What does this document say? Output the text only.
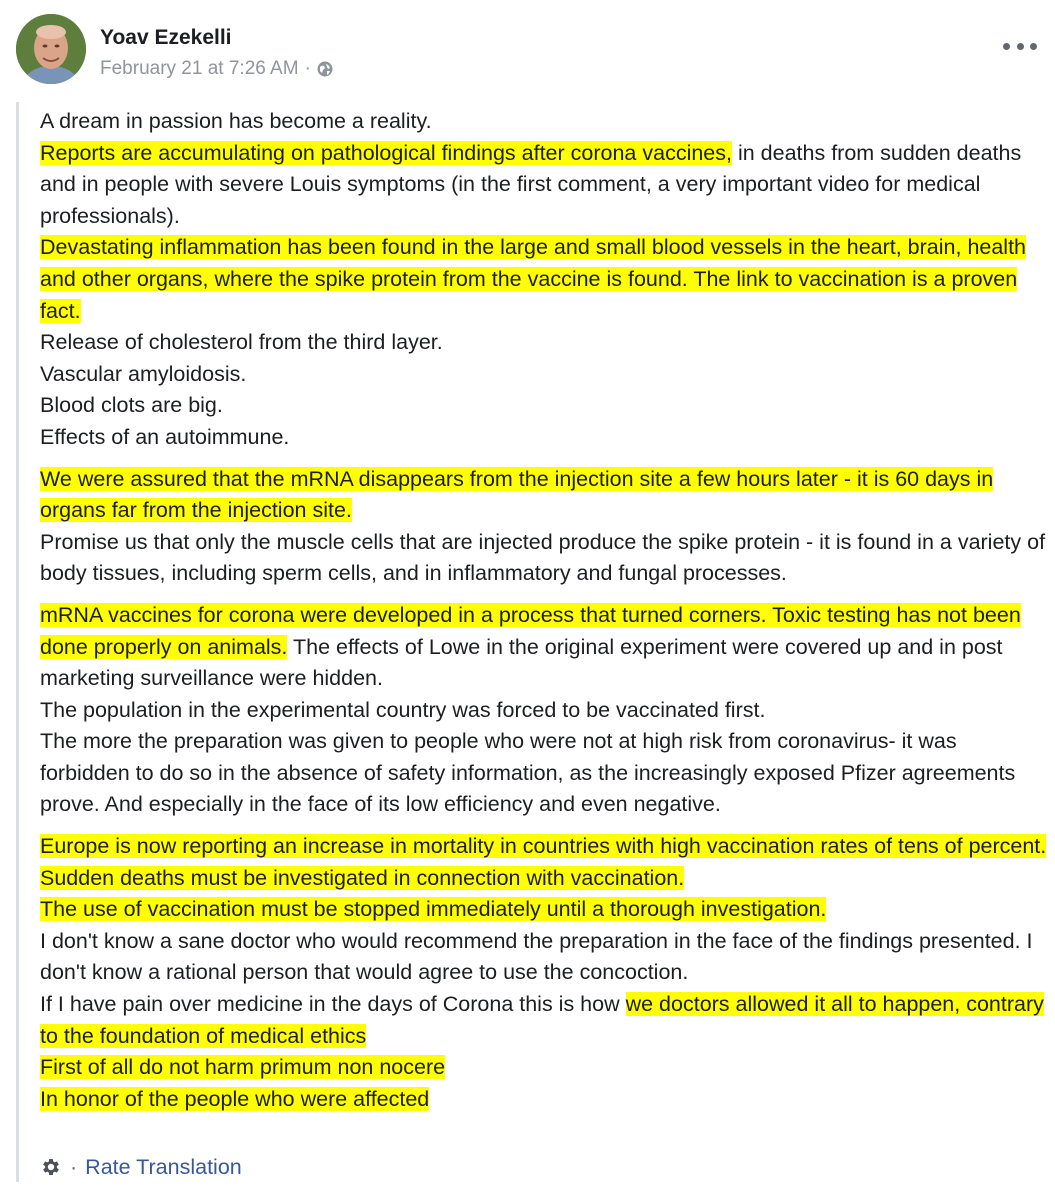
Yoav Ezekelli
February 21 at 7:26 AM ·

A dream in passion has become a reality.

Reports are accumulating on pathological findings after corona vaccines, in deaths from sudden deaths and in people with severe Louis symptoms (in the first comment, a very important video for medical professionals).

Devastating inflammation has been found in the large and small blood vessels in the heart, brain, health and other organs, where the spike protein from the vaccine is found. The link to vaccination is a proven fact.

Release of cholesterol from the third layer.

Vascular amyloidosis.

Blood clots are big.

Effects of an autoimmune.

We were assured that the mRNA disappears from the injection site a few hours later - it is 60 days in organs far from the injection site.

Promise us that only the muscle cells that are injected produce the spike protein - it is found in a variety of body tissues, including sperm cells, and in inflammatory and fungal processes.

mRNA vaccines for corona were developed in a process that turned corners. Toxic testing has not been done properly on animals. The effects of Lowe in the original experiment were covered up and in post marketing surveillance were hidden.

The population in the experimental country was forced to be vaccinated first.

The more the preparation was given to people who were not at high risk from coronavirus- it was forbidden to do so in the absence of safety information, as the increasingly exposed Pfizer agreements prove. And especially in the face of its low efficiency and even negative.

Europe is now reporting an increase in mortality in countries with high vaccination rates of tens of percent.

Sudden deaths must be investigated in connection with vaccination.

The use of vaccination must be stopped immediately until a thorough investigation.

I don't know a sane doctor who would recommend the preparation in the face of the findings presented. I don't know a rational person that would agree to use the concoction.

If I have pain over medicine in the days of Corona this is how we doctors allowed it all to happen, contrary to the foundation of medical ethics

First of all do not harm primum non nocere

In honor of the people who were affected

· Rate Translation
